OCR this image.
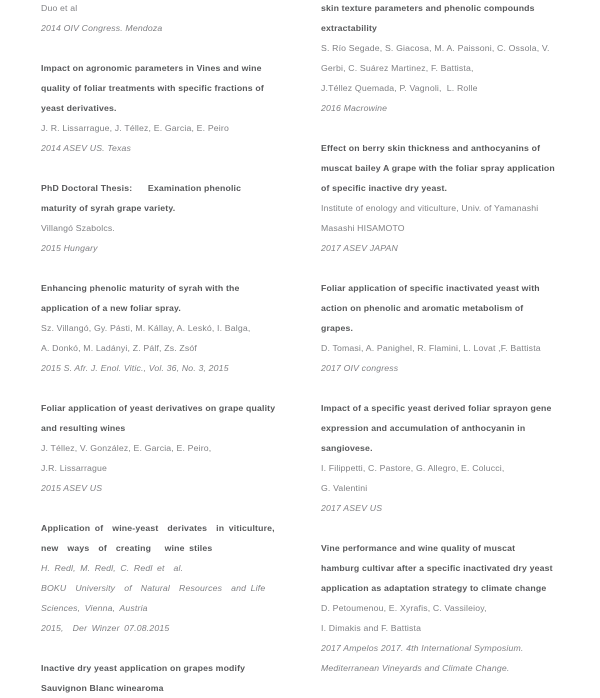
Duo et al
2014 OIV Congress. Mendoza
Impact on agronomic parameters in Vines and wine
quality of foliar treatments with specific fractions of
yeast derivatives.
J. R. Lissarrague, J. Téllez, E. Garcia, E. Peiro
2014 ASEV US. Texas
PhD Doctoral Thesis:      Examination phenolic
maturity of syrah grape variety.
Villangó Szabolcs.
2015 Hungary
Enhancing phenolic maturity of syrah with the
application of a new foliar spray.
Sz. Villangó, Gy. Pásti, M. Kállay, A. Leskó, I. Balga,
A. Donkó, M. Ladányi, Z. Pálf, Zs. Zsóf
2015 S. Afr. J. Enol. Vitic., Vol. 36, No. 3, 2015
Foliar application of yeast derivatives on grape quality
and resulting wines
J. Téllez, V. González, E. Garcia, E. Peiro,
J.R. Lissarrague
2015 ASEV US
Application of  wine-yeast  derivates  in viticulture,
new  ways  of  creating   wine stiles
H. Redl, M. Redl, C. Redl et  al.
BOKU  University  of  Natural  Resources  and Life
Sciences, Vienna, Austria
2015,  Der Winzer 07.08.2015
Inactive dry yeast application on grapes modify
Sauvignon Blanc winearoma
skin texture parameters and phenolic compounds
extractability
S. Río Segade, S. Giacosa, M. A. Paissoni, C. Ossola, V.
Gerbi, C. Suárez Martinez, F. Battista,
J.Téllez Quemada, P. Vagnoli,  L. Rolle
2016 Macrowine
Effect on berry skin thickness and anthocyanins of
muscat bailey A grape with the foliar spray application
of specific inactive dry yeast.
Institute of enology and viticulture, Univ. of Yamanashi
Masashi HISAMOTO
2017 ASEV JAPAN
Foliar application of specific inactivated yeast with
action on phenolic and aromatic metabolism of
grapes.
D. Tomasi, A. Panighel, R. Flamini, L. Lovat ,F. Battista
2017 OIV congress
Impact of a specific yeast derived foliar sprayon gene
expression and accumulation of anthocyanin in
sangiovese.
I. Filippetti, C. Pastore, G. Allegro, E. Colucci,
G. Valentini
2017 ASEV US
Vine performance and wine quality of muscat
hamburg cultivar after a specific inactivated dry yeast
application as adaptation strategy to climate change
D. Petoumenou, E. Xyrafis, C. Vassileioy,
I. Dimakis and F. Battista
2017 Ampelos 2017. 4th International Symposium.
Mediterranean Vineyards and Climate Change.
